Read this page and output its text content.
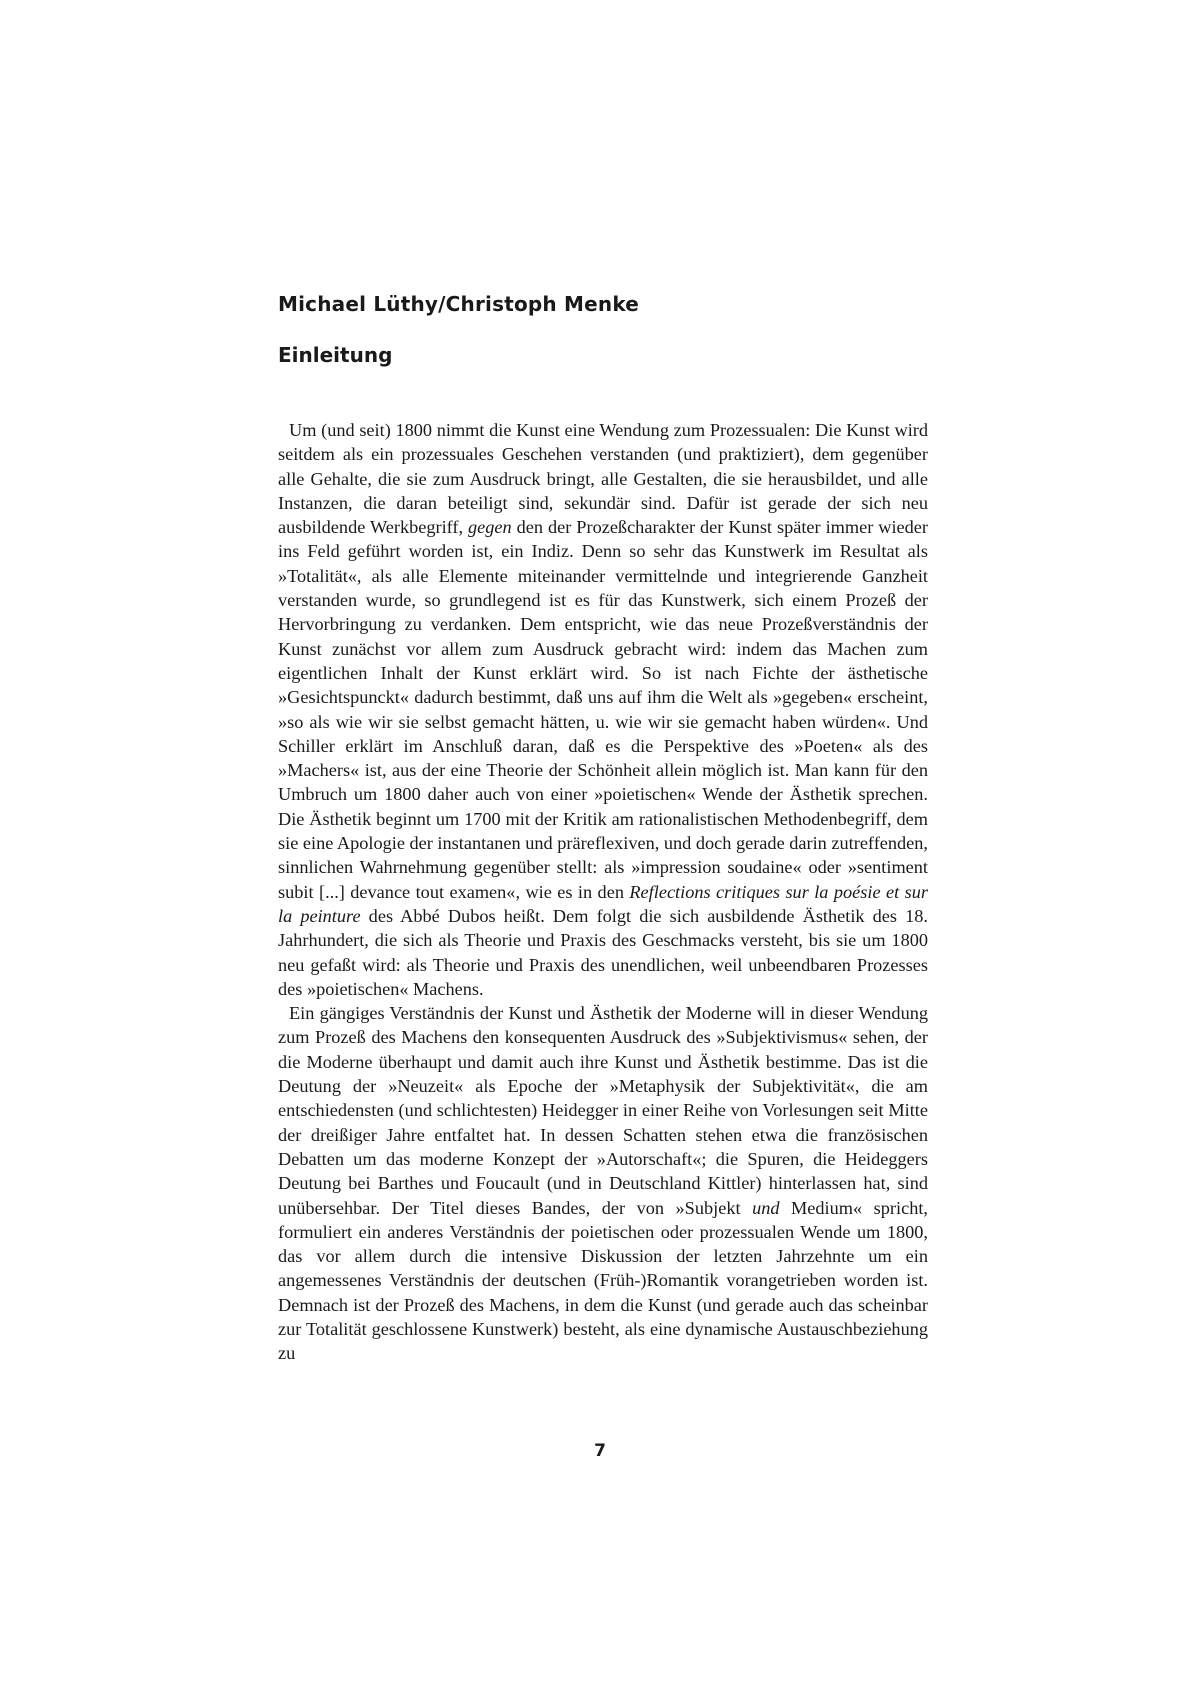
Michael Lüthy/Christoph Menke
Einleitung

Um (und seit) 1800 nimmt die Kunst eine Wendung zum Prozessualen: Die Kunst wird seitdem als ein prozessuales Geschehen verstanden (und praktiziert), dem gegenüber alle Gehalte, die sie zum Ausdruck bringt, alle Gestalten, die sie herausbildet, und alle Instanzen, die daran beteiligt sind, sekundär sind. Dafür ist gerade der sich neu ausbildende Werkbegriff, gegen den der Prozeßcharakter der Kunst später immer wieder ins Feld geführt worden ist, ein Indiz. Denn so sehr das Kunstwerk im Resultat als »Totalität«, als alle Elemente miteinander vermittelnde und integrierende Ganzheit verstanden wurde, so grundlegend ist es für das Kunstwerk, sich einem Prozeß der Hervorbringung zu verdanken. Dem entspricht, wie das neue Prozeßverständnis der Kunst zunächst vor allem zum Ausdruck gebracht wird: indem das Machen zum eigentlichen Inhalt der Kunst erklärt wird. So ist nach Fichte der ästhetische »Gesichtspunckt« dadurch bestimmt, daß uns auf ihm die Welt als »gegeben« erscheint, »so als wie wir sie selbst gemacht hätten, u. wie wir sie gemacht haben würden«. Und Schiller erklärt im Anschluß daran, daß es die Perspektive des »Poeten« als des »Machers« ist, aus der eine Theorie der Schönheit allein möglich ist. Man kann für den Umbruch um 1800 daher auch von einer »poietischen« Wende der Ästhetik sprechen. Die Ästhetik beginnt um 1700 mit der Kritik am rationalistischen Methodenbegriff, dem sie eine Apologie der instantanen und präreflexiven, und doch gerade darin zutreffenden, sinnlichen Wahrnehmung gegenüber stellt: als »impression soudaine« oder »sentiment subit [...] devance tout examen«, wie es in den Reflections critiques sur la poésie et sur la peinture des Abbé Dubos heißt. Dem folgt die sich ausbildende Ästhetik des 18. Jahrhundert, die sich als Theorie und Praxis des Geschmacks versteht, bis sie um 1800 neu gefaßt wird: als Theorie und Praxis des unendlichen, weil unbeendbaren Prozesses des »poietischen« Machens.

Ein gängiges Verständnis der Kunst und Ästhetik der Moderne will in dieser Wendung zum Prozeß des Machens den konsequenten Ausdruck des »Subjektivismus« sehen, der die Moderne überhaupt und damit auch ihre Kunst und Ästhetik bestimme. Das ist die Deutung der »Neuzeit« als Epoche der »Metaphysik der Subjektivität«, die am entschiedensten (und schlichtesten) Heidegger in einer Reihe von Vorlesungen seit Mitte der dreißiger Jahre entfaltet hat. In dessen Schatten stehen etwa die französischen Debatten um das moderne Konzept der »Autorschaft«; die Spuren, die Heideggers Deutung bei Barthes und Foucault (und in Deutschland Kittler) hinterlassen hat, sind unübersehbar. Der Titel dieses Bandes, der von »Subjekt und Medium« spricht, formuliert ein anderes Verständnis der poietischen oder prozessualen Wende um 1800, das vor allem durch die intensive Diskussion der letzten Jahrzehnte um ein angemessenes Verständnis der deutschen (Früh-)Romantik vorangetrieben worden ist. Demnach ist der Prozeß des Machens, in dem die Kunst (und gerade auch das scheinbar zur Totalität geschlossene Kunstwerk) besteht, als eine dynamische Austauschbeziehung zu

7
